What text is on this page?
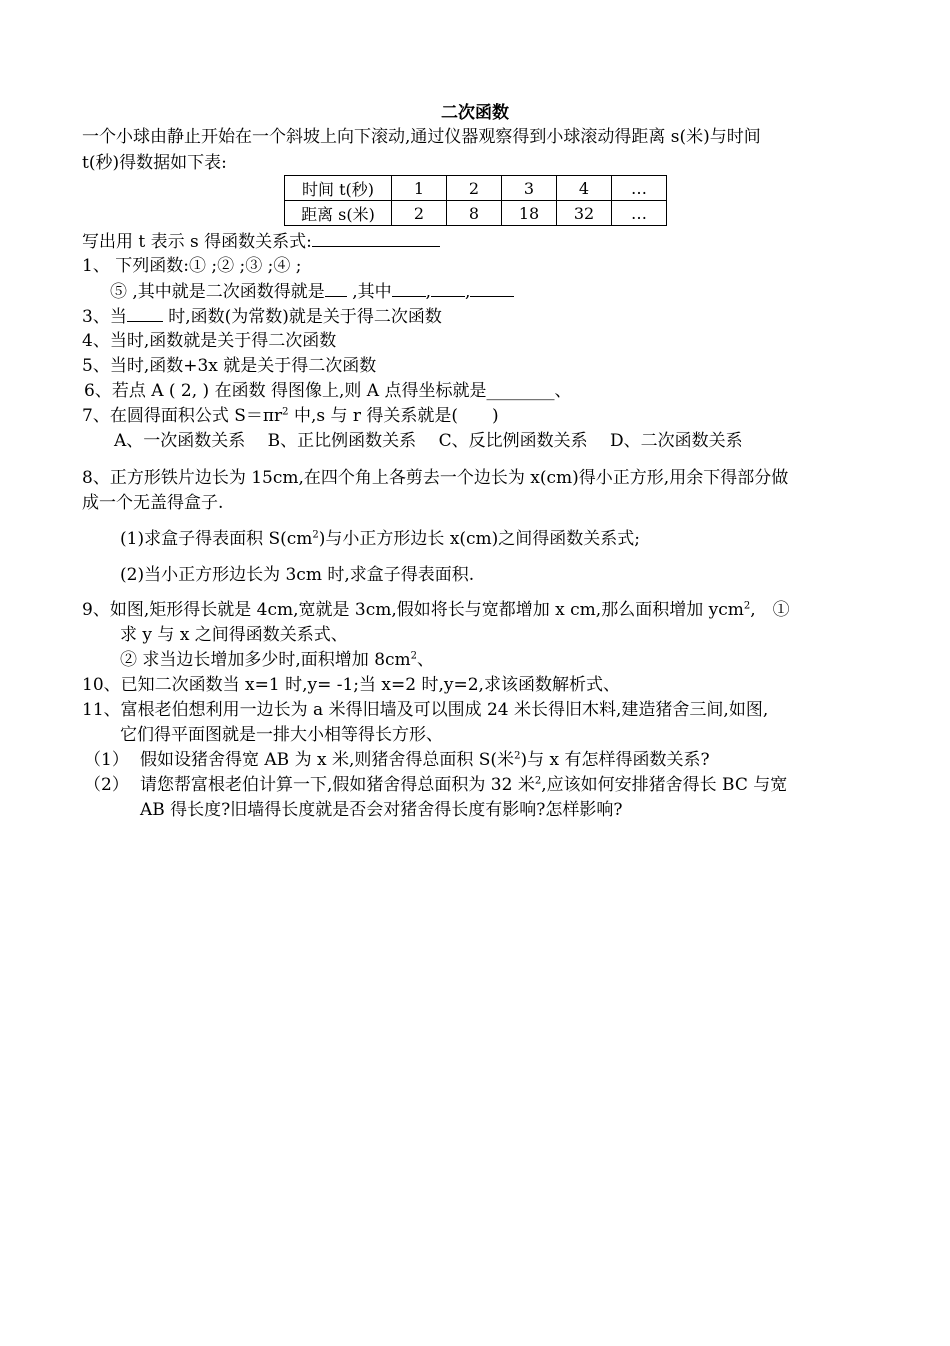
二次函数
一个小球由静止开始在一个斜坡上向下滚动,通过仪器观察得到小球滚动得距离 s(米)与时间
t(秒)得数据如下表:
时间 t(秒)	1	2	3	4	…
距离 s(米)	2	8	18	32	…
写出用 t 表示 s 得函数关系式:
1、 下列函数:① ;② ;③ ;④ ;
⑤ ,其中就是二次函数得就是 ,其中 , ,
3、当 时,函数(为常数)就是关于得二次函数
4、当时,函数就是关于得二次函数
5、当时,函数+3x 就是关于得二次函数
6、若点 A ( 2, ) 在函数 得图像上,则 A 点得坐标就是________、
7、在圆得面积公式 $S=\pi r^2$ 中,s 与 r 得关系就是(　　)
A、一次函数关系　 B、正比例函数关系　 C、反比例函数关系　 D、二次函数关系
8、正方形铁片边长为 15cm,在四个角上各剪去一个边长为 x(cm)得小正方形,用余下得部分做
成一个无盖得盒子.
(1)求盒子得表面积 $S(cm^2)$与小正方形边长 x(cm)之间得函数关系式;
(2)当小正方形边长为 3cm 时,求盒子得表面积.
9、如图,矩形得长就是 4cm,宽就是 3cm,假如将长与宽都增加 x cm,那么面积增加 ycm$^2$,　①
求 y 与 x 之间得函数关系式、
② 求当边长增加多少时,面积增加 $8cm^2$、
10、已知二次函数当 x=1 时,y= -1;当 x=2 时,y=2,求该函数解析式、
11、富根老伯想利用一边长为 a 米得旧墙及可以围成 24 米长得旧木料,建造猪舍三间,如图,
它们得平面图就是一排大小相等得长方形、
（1） 假如设猪舍得宽 AB 为 x 米,则猪舍得总面积 S(米$^2$)与 x 有怎样得函数关系?
（2） 请您帮富根老伯计算一下,假如猪舍得总面积为 32 米$^2$,应该如何安排猪舍得长 BC 与宽
AB 得长度?旧墙得长度就是否会对猪舍得长度有影响?怎样影响?
